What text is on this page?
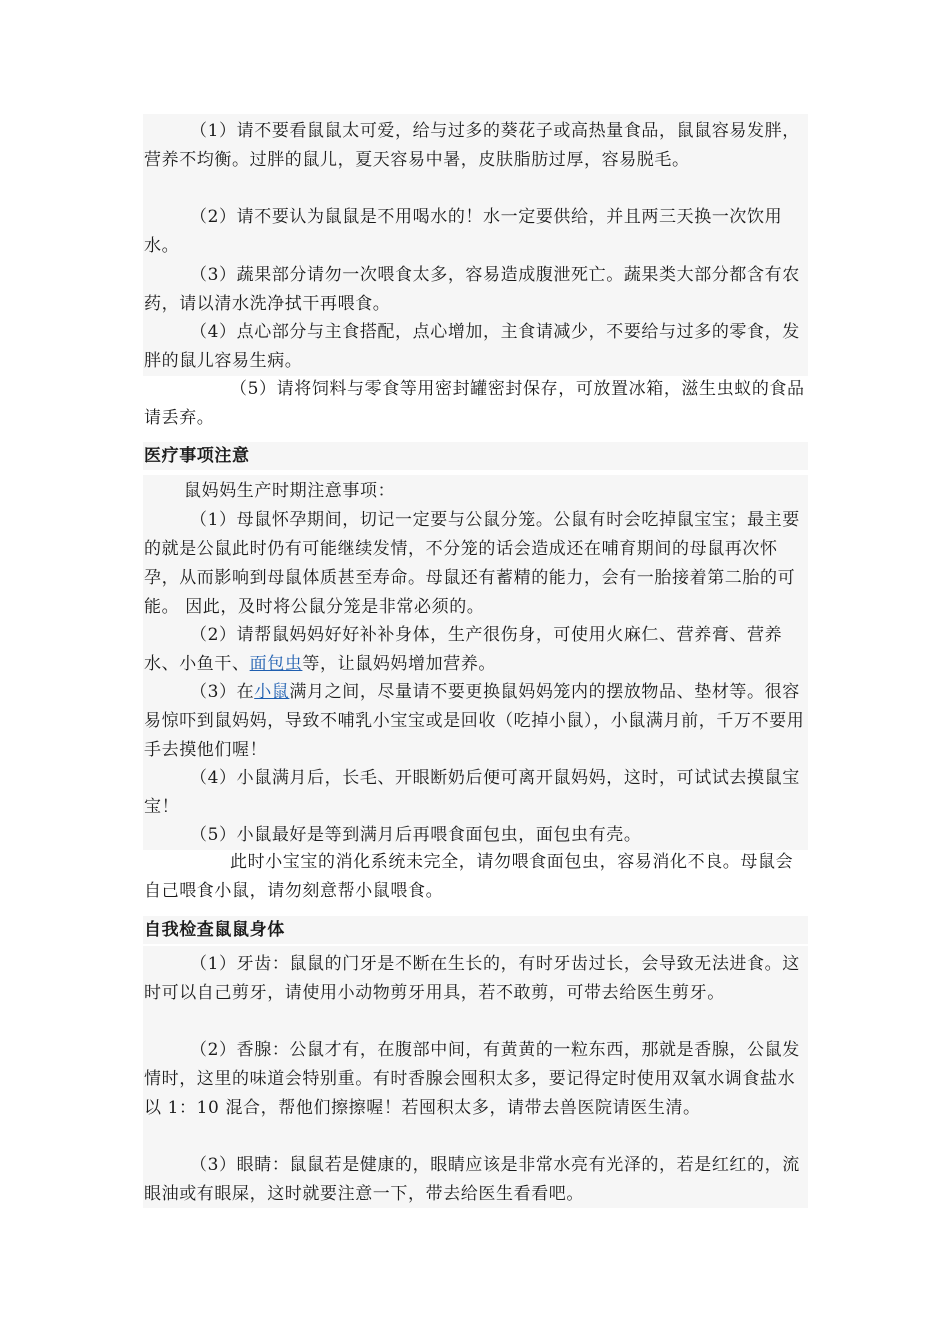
（1）请不要看鼠鼠太可爱，给与过多的葵花子或高热量食品，鼠鼠容易发胖，营养不均衡。过胖的鼠儿，夏天容易中暑，皮肤脂肪过厚，容易脱毛。

（2）请不要认为鼠鼠是不用喝水的！水一定要供给，并且两三天换一次饮用水。

（3）蔬果部分请勿一次喂食太多，容易造成腹泄死亡。蔬果类大部分都含有农药，请以清水洗净拭干再喂食。

（4）点心部分与主食搭配，点心增加，主食请减少，不要给与过多的零食，发胖的鼠儿容易生病。

（5）请将饲料与零食等用密封罐密封保存，可放置冰箱，滋生虫蚁的食品请丢弃。

医疗事项注意

鼠妈妈生产时期注意事项：

（1）母鼠怀孕期间，切记一定要与公鼠分笼。公鼠有时会吃掉鼠宝宝；最主要的就是公鼠此时仍有可能继续发情，不分笼的话会造成还在哺育期间的母鼠再次怀孕，从而影响到母鼠体质甚至寿命。母鼠还有蓄精的能力，会有一胎接着第二胎的可能。 因此，及时将公鼠分笼是非常必须的。

（2）请帮鼠妈妈好好补补身体，生产很伤身，可使用火麻仁、营养膏、营养水、小鱼干、面包虫等，让鼠妈妈增加营养。

（3）在小鼠满月之间，尽量请不要更换鼠妈妈笼内的摆放物品、垫材等。很容易惊吓到鼠妈妈，导致不哺乳小宝宝或是回收（吃掉小鼠），小鼠满月前，千万不要用手去摸他们喔！

（4）小鼠满月后，长毛、开眼断奶后便可离开鼠妈妈，这时，可试试去摸鼠宝宝！

（5）小鼠最好是等到满月后再喂食面包虫，面包虫有壳。

此时小宝宝的消化系统未完全，请勿喂食面包虫，容易消化不良。母鼠会自己喂食小鼠，请勿刻意帮小鼠喂食。

自我检查鼠鼠身体

（1）牙齿：鼠鼠的门牙是不断在生长的，有时牙齿过长，会导致无法进食。这时可以自己剪牙，请使用小动物剪牙用具，若不敢剪，可带去给医生剪牙。

（2）香腺：公鼠才有，在腹部中间，有黄黄的一粒东西，那就是香腺，公鼠发情时，这里的味道会特别重。有时香腺会囤积太多，要记得定时使用双氧水调食盐水以 1：10 混合，帮他们擦擦喔！若囤积太多，请带去兽医院请医生清。

（3）眼睛：鼠鼠若是健康的，眼睛应该是非常水亮有光泽的，若是红红的，流眼油或有眼屎，这时就要注意一下，带去给医生看看吧。
